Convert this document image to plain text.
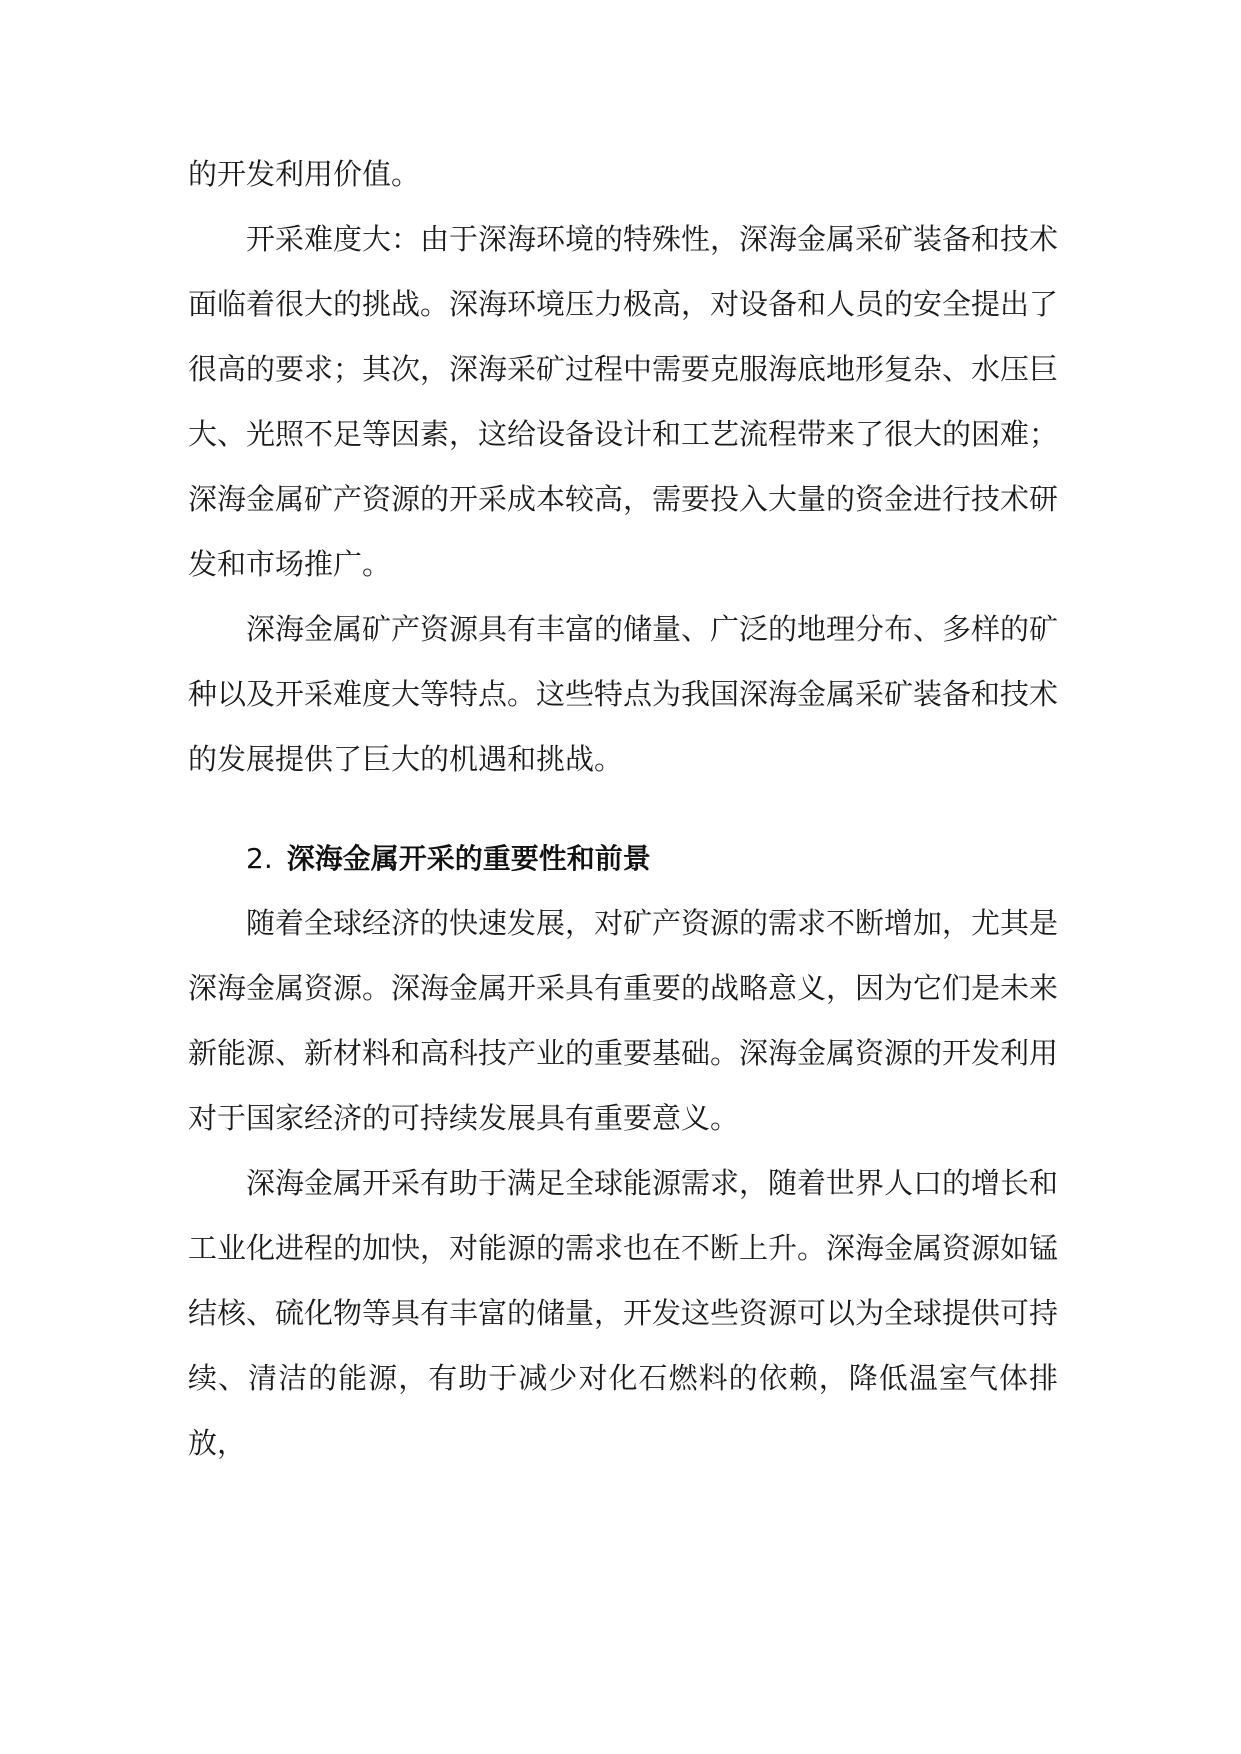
的开发利用价值。

开采难度大：由于深海环境的特殊性，深海金属采矿装备和技术面临着很大的挑战。深海环境压力极高，对设备和人员的安全提出了很高的要求；其次，深海采矿过程中需要克服海底地形复杂、水压巨大、光照不足等因素，这给设备设计和工艺流程带来了很大的困难；深海金属矿产资源的开采成本较高，需要投入大量的资金进行技术研发和市场推广。

深海金属矿产资源具有丰富的储量、广泛的地理分布、多样的矿种以及开采难度大等特点。这些特点为我国深海金属采矿装备和技术的发展提供了巨大的机遇和挑战。

2. 深海金属开采的重要性和前景

随着全球经济的快速发展，对矿产资源的需求不断增加，尤其是深海金属资源。深海金属开采具有重要的战略意义，因为它们是未来新能源、新材料和高科技产业的重要基础。深海金属资源的开发利用对于国家经济的可持续发展具有重要意义。

深海金属开采有助于满足全球能源需求，随着世界人口的增长和工业化进程的加快，对能源的需求也在不断上升。深海金属资源如锰结核、硫化物等具有丰富的储量，开发这些资源可以为全球提供可持续、清洁的能源，有助于减少对化石燃料的依赖，降低温室气体排放，
